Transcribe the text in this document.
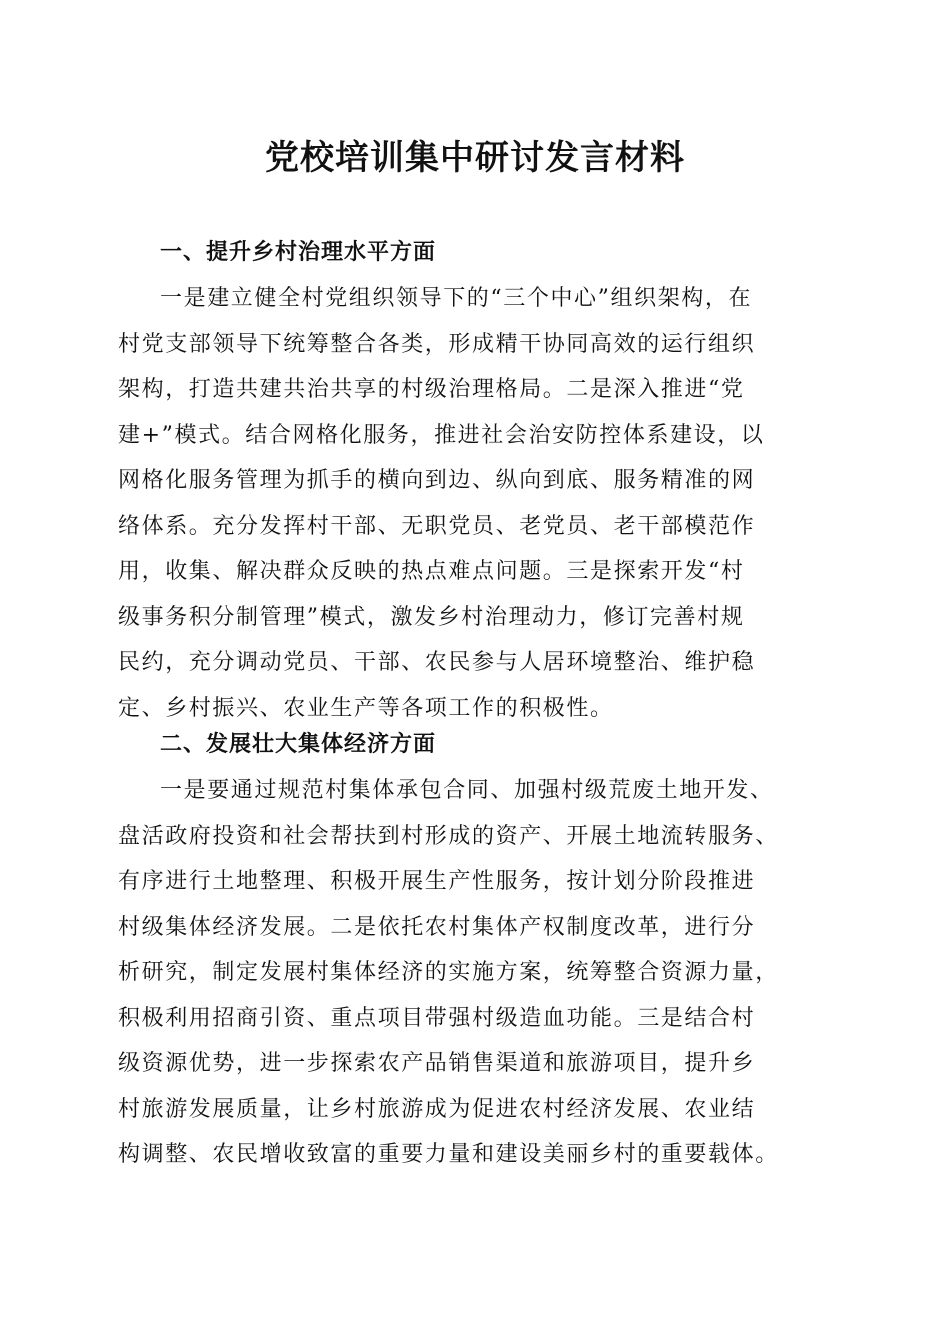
党校培训集中研讨发言材料
一、提升乡村治理水平方面
一是建立健全村党组织领导下的“三个中心”组织架构，在
村党支部领导下统筹整合各类，形成精干协同高效的运行组织
架构，打造共建共治共享的村级治理格局。二是深入推进“党
建+”模式。结合网格化服务，推进社会治安防控体系建设，以
网格化服务管理为抓手的横向到边、纵向到底、服务精准的网
络体系。充分发挥村干部、无职党员、老党员、老干部模范作
用，收集、解决群众反映的热点难点问题。三是探索开发“村
级事务积分制管理”模式，激发乡村治理动力，修订完善村规
民约，充分调动党员、干部、农民参与人居环境整治、维护稳
定、乡村振兴、农业生产等各项工作的积极性。
二、发展壮大集体经济方面
一是要通过规范村集体承包合同、加强村级荒废土地开发、
盘活政府投资和社会帮扶到村形成的资产、开展土地流转服务、
有序进行土地整理、积极开展生产性服务，按计划分阶段推进
村级集体经济发展。二是依托农村集体产权制度改革，进行分
析研究，制定发展村集体经济的实施方案，统筹整合资源力量，
积极利用招商引资、重点项目带强村级造血功能。三是结合村
级资源优势，进一步探索农产品销售渠道和旅游项目，提升乡
村旅游发展质量，让乡村旅游成为促进农村经济发展、农业结
构调整、农民增收致富的重要力量和建设美丽乡村的重要载体。
